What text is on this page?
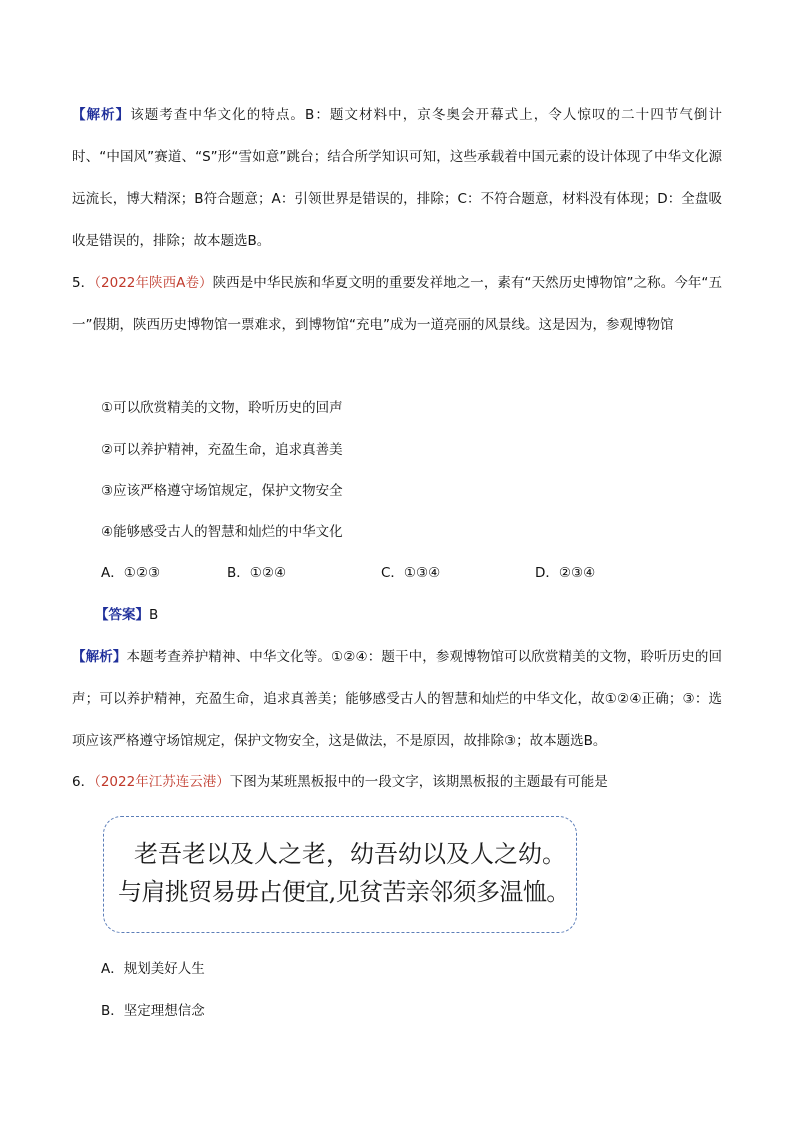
【解析】该题考查中华文化的特点。B：题文材料中，京冬奥会开幕式上，令人惊叹的二十四节气倒计时、“中国风”赛道、“S”形“雪如意”跳台；结合所学知识可知，这些承载着中国元素的设计体现了中华文化源远流长，博大精深；B符合题意；A：引领世界是错误的，排除；C：不符合题意，材料没有体现；D：全盘吸收是错误的，排除；故本题选B。

5．（2022年陕西A卷）陕西是中华民族和华夏文明的重要发祥地之一，素有“天然历史博物馆”之称。今年“五一”假期，陕西历史博物馆一票难求，到博物馆“充电”成为一道亮丽的风景线。这是因为，参观博物馆

①可以欣赏精美的文物，聆听历史的回声
②可以养护精神，充盈生命，追求真善美
③应该严格遵守场馆规定，保护文物安全
④能够感受古人的智慧和灿烂的中华文化
A．①②③	B．①②④	C．①③④	D．②③④
【答案】B

【解析】本题考查养护精神、中华文化等。①②④：题干中，参观博物馆可以欣赏精美的文物，聆听历史的回声；可以养护精神，充盈生命，追求真善美；能够感受古人的智慧和灿烂的中华文化，故①②④正确；③：选项应该严格遵守场馆规定，保护文物安全，这是做法，不是原因，故排除③；故本题选B。

6．（2022年江苏连云港）下图为某班黑板报中的一段文字，该期黑板报的主题最有可能是
老吾老以及人之老，幼吾幼以及人之幼。
与肩挑贸易毋占便宜,见贫苦亲邻须多温恤。
A．规划美好人生
B．坚定理想信念
